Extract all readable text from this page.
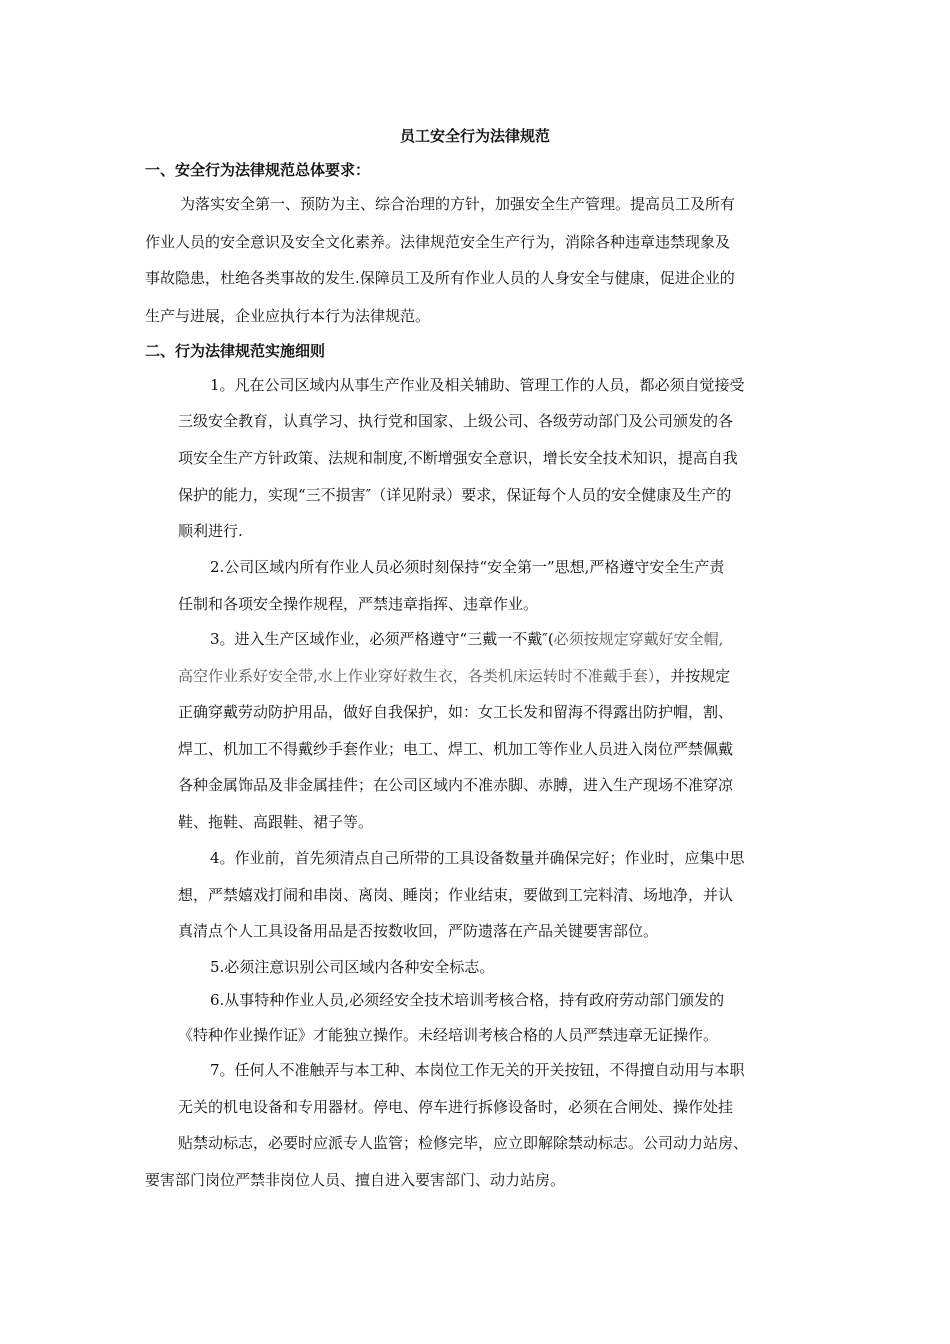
员工安全行为法律规范
一、安全行为法律规范总体要求：

为落实安全第一、预防为主、综合治理的方针，加强安全生产管理。提高员工及所有

作业人员的安全意识及安全文化素养。法律规范安全生产行为，消除各种违章违禁现象及

事故隐患，杜绝各类事故的发生.保障员工及所有作业人员的人身安全与健康，促进企业的

生产与进展，企业应执行本行为法律规范。

二、行为法律规范实施细则

1。凡在公司区域内从事生产作业及相关辅助、管理工作的人员，都必须自觉接受

三级安全教育，认真学习、执行党和国家、上级公司、各级劳动部门及公司颁发的各

项安全生产方针政策、法规和制度,不断增强安全意识，增长安全技术知识，提高自我

保护的能力，实现“三不损害″（详见附录）要求，保证每个人员的安全健康及生产的

顺利进行.

2.公司区域内所有作业人员必须时刻保持“安全第一”思想,严格遵守安全生产责

任制和各项安全操作规程，严禁违章指挥、违章作业。

3。进入生产区域作业，必须严格遵守“三戴一不戴″(必须按规定穿戴好安全帽,

高空作业系好安全带,水上作业穿好救生衣，各类机床运转时不准戴手套），并按规定

正确穿戴劳动防护用品，做好自我保护，如：女工长发和留海不得露出防护帽，割、

焊工、机加工不得戴纱手套作业；电工、焊工、机加工等作业人员进入岗位严禁佩戴

各种金属饰品及非金属挂件；在公司区域内不准赤脚、赤膊，进入生产现场不准穿凉

鞋、拖鞋、高跟鞋、裙子等。

4。作业前，首先须清点自己所带的工具设备数量并确保完好；作业时，应集中思

想，严禁嬉戏打闹和串岗、离岗、睡岗；作业结束，要做到工完料清、场地净，并认

真清点个人工具设备用品是否按数收回，严防遗落在产品关键要害部位。

5.必须注意识别公司区域内各种安全标志。

6.从事特种作业人员,必须经安全技术培训考核合格，持有政府劳动部门颁发的

《特种作业操作证》才能独立操作。未经培训考核合格的人员严禁违章无证操作。

7。任何人不准触弄与本工种、本岗位工作无关的开关按钮，不得擅自动用与本职

无关的机电设备和专用器材。停电、停车进行拆修设备时，必须在合闸处、操作处挂

贴禁动标志，必要时应派专人监管；检修完毕，应立即解除禁动标志。公司动力站房、

要害部门岗位严禁非岗位人员、擅自进入要害部门、动力站房。
